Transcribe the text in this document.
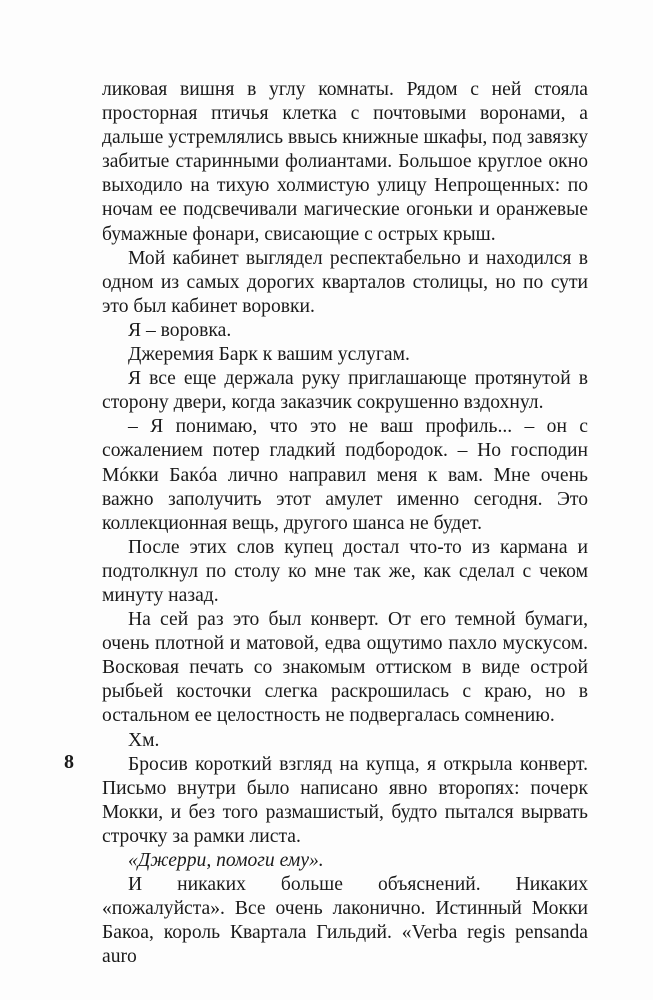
ликовая вишня в углу комнаты. Рядом с ней стояла просторная птичья клетка с почтовыми воронами, а дальше устремлялись ввысь книжные шкафы, под завязку забитые старинными фолиантами. Большое круглое окно выходило на тихую холмистую улицу Непрощенных: по ночам ее подсвечивали магические огоньки и оранжевые бумажные фонари, свисающие с острых крыш.

Мой кабинет выглядел респектабельно и находился в одном из самых дорогих кварталов столицы, но по сути это был кабинет воровки.

Я – воровка.

Джеремия Барк к вашим услугам.

Я все еще держала руку приглашающе протянутой в сторону двери, когда заказчик сокрушенно вздохнул.

– Я понимаю, что это не ваш профиль... – он с сожалением потер гладкий подбородок. – Но господин Мóкки Бакóа лично направил меня к вам. Мне очень важно заполучить этот амулет именно сегодня. Это коллекционная вещь, другого шанса не будет.

После этих слов купец достал что-то из кармана и подтолкнул по столу ко мне так же, как сделал с чеком минуту назад.

На сей раз это был конверт. От его темной бумаги, очень плотной и матовой, едва ощутимо пахло мускусом. Восковая печать со знакомым оттиском в виде острой рыбьей косточки слегка раскрошилась с краю, но в остальном ее целостность не подвергалась сомнению.

Хм.

Бросив короткий взгляд на купца, я открыла конверт. Письмо внутри было написано явно второпях: почерк Мокки, и без того размашистый, будто пытался вырвать строчку за рамки листа.

«Джерри, помоги ему».

И никаких больше объяснений. Никаких «пожалуйста». Все очень лаконично. Истинный Мокки Бакоа, король Квартала Гильдий. «Verba regis pensanda auro

8
